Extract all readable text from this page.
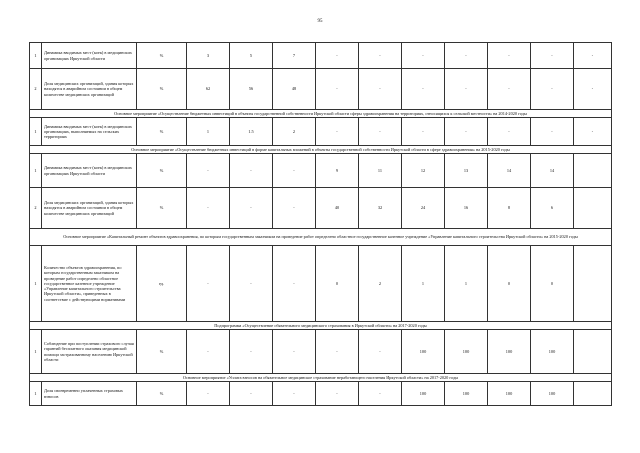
95
1	Динамика вводимых мест (коек) в медицинских организациях Иркутской области	%	3	5	7	-	-	-	-	-	-	-
2	Доля медицинских организаций, здания которых находятся в аварийном состоянии в общем количестве медицинских организаций	%	62	56	48	-	-	-	-	-	-	-
Основное мероприятие «Осуществление бюджетных инвестиций в объекты государственной собственности Иркутской области сферы здравоохранения на территориях, относящихся к сельской местности» на 2014-2020 годы												
1	Динамика вводимых мест (коек) в медицинских организациях, выполняемых на сельских территориях	%	1	1.5	2	-	-	-	-	-	-	-
Основное мероприятие «Осуществление бюджетных инвестиций в форме капитальных вложений в объекты государственной собственности Иркутской области в сфере здравоохранения» на 2015-2020 годы												
1	Динамика вводимых мест (коек) в медицинских организациях Иркутской области	%	-	-	-	9	11	12	13	14	14	
2	Доля медицинских организаций, здания которых находятся в аварийном состоянии в общем количестве медицинских организаций	%	-	-	-	40	32	24	16	8	6	
Основное мероприятие «Капитальный ремонт объектов здравоохранения, по которым государственным заказчиком на проведение работ определено областное государственное казенное учреждение «Управление капитального строительства Иркутской области» на 2015-2020 годы												
1	Количество объектов здравоохранения, по которым государственным заказчиком на проведение работ определено областное государственное казенное учреждение «Управление капитального строительства Иркутской области», приведенных в соответствие с действующими нормативами	ед.	-	-	-	0	2	1	1	0	0	
Подпрограмма «Осуществление обязательного медицинского страхования в Иркутской области» на 2017-2020 годы												
1	Соблюдение при поступлении страхового случая гарантий бесплатного оказания медицинской помощи застрахованному населению Иркутской области	%	-	-	-	-	-	100	100	100	100	
Основное мероприятие «Уплата взносов на обязательное медицинское страхование неработающего населения Иркутской области» на 2017-2020 годы												
1	Доля своевременно уплаченных страховых взносов	%	-	-	-	-	-	100	100	100	100	
